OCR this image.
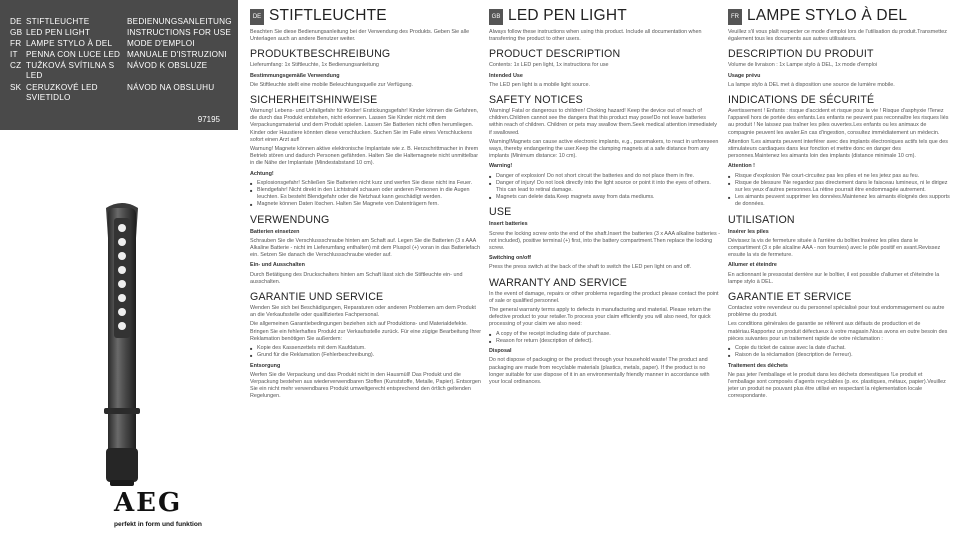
DE STIFTLEUCHTE
GB LED PEN LIGHT
FR LAMPE STYLO À DEL
IT PENNA CON LUCE LED
CZ TUŽKOVÁ SVÍTILNA S LED
SK CERUZKOVÉ LED SVIETIDLO
BEDIENUNGSANLEITUNG
INSTRUCTIONS FOR USE
MODE D'EMPLOI
MANUALE D'ISTRUZIONI
NÁVOD K OBSLUZE
NÁVOD NA OBSLUHU
97195
AEG
perfekt in form und funktion
DE STIFTLEUCHTE

Beachten Sie diese Bedienungsanleitung bei der Verwendung des Produkts. Geben Sie alle Unterlagen auch an andere Benutzer weiter.

PRODUKTBESCHREIBUNG

Lieferumfang: 1x Stiftleuchte, 1x Bedienungsanleitung

Bestimmungsgemäße Verwendung

Die Stiftleuchte stellt eine mobile Beleuchtungsquelle zur Verfügung.

SICHERHEITSHINWEISE

Warnung! Lebens- und Unfallgefahr für Kinder! Erstickungsgefahr! Kinder können die Gefahren, die durch das Produkt entstehen, nicht erkennen. Lassen Sie Kinder nicht mit dem Verpackungsmaterial und dem Produkt spielen. Lassen Sie Batterien nicht offen herumliegen. Kinder oder Haustiere könnten diese verschlucken. Suchen Sie im Falle eines Verschluckens sofort einen Arzt auf!

Warnung! Magnete können aktive elektronische Implantate wie z. B. Herzschrittmacher in ihrem Betrieb stören und dadurch Personen gefährden. Halten Sie die Haltemagnete nicht unmittelbar in die Nähe der Implantate (Mindestabstand 10 cm).

Achtung!

■ Explosionsgefahr! Schließen Sie Batterien nicht kurz und werfen Sie diese nicht ins Feuer.
■ Blendgefahr! Nicht direkt in den Lichtstrahl schauen oder anderen Personen in die Augen leuchten. Es besteht Blendgefahr oder die Netzhaut kann geschädigt werden.
■ Magnete können Daten löschen. Halten Sie Magnete von Datenträgern fern.
VERWENDUNG

Batterien einsetzen

Schrauben Sie die Verschlussschraube hinten am Schaft auf. Legen Sie die Batterien (3 x AAA Alkaline Batterie - nicht im Lieferumfang enthalten) mit dem Pluspol (+) voran in das Batteriefach ein. Setzen Sie danach die Verschlussschraube wieder auf.

Ein- und Ausschalten

Durch Betätigung des Druckschalters hinten am Schaft lässt sich die Stiftleuchte ein- und ausschalten.

GARANTIE UND SERVICE

Wenden Sie sich bei Beschädigungen, Reparaturen oder anderen Problemen am dem Produkt an die Verkaufsstelle oder qualifiziertes Fachpersonal.

Die allgemeinen Garantiebedingungen beziehen sich auf Produktions- und Materialdefekte. Bringen Sie ein fehlerhaftes Produkt zur Verkaufsstelle zurück. Für eine zügige Bearbeitung Ihrer Reklamation benötigen Sie außerdem:

■ Kopie des Kassenzettels mit dem Kaufdatum.
■ Grund für die Reklamation (Fehlerbeschreibung).

Entsorgung

Werfen Sie die Verpackung und das Produkt nicht in den Hausmüll! Das Produkt und die Verpackung bestehen aus wiederverwendbaren Stoffen (Kunststoffe, Metalle, Papier). Entsorgen Sie ein nicht mehr verwendbares Produkt umweltgerecht entsprechend den örtlich geltenden Regelungen.

GB LED PEN LIGHT

Always follow these instructions when using this product. Include all documentation when transferring the product to other users.

PRODUCT DESCRIPTION

Contents: 1x LED pen light, 1x instructions for use

Intended Use

The LED pen light is a mobile light source.

SAFETY NOTICES

Warning! Fatal or dangerous to children! Choking hazard! Keep the device out of reach of children.Children cannot see the dangers that this product may pose!Do not leave batteries within reach of children. Children or pets may swallow them.Seek medical attention immediately if swallowed.

Warning!Magnets can cause active electronic implants, e.g., pacemakers, to react in unforeseen ways, thereby endangering the user.Keep the clamping magnets at a safe distance from any implants (Minimum distance: 10 cm).

Warning!

■ Danger of explosion! Do not short circuit the batteries and do not place them in fire.
■ Danger of injury! Do not look directly into the light source or point it into the eyes of others. This can lead to retinal damage.
■ Magnets can delete data.Keep magnets away from data mediums.
USE

Insert batteries

Screw the locking screw onto the end of the shaft.Insert the batteries (3 x AAA alkaline batteries - not included), positive terminal (+) first, into the battery compartment.Then replace the locking screw.

Switching on/off

Press the press switch at the back of the shaft to switch the LED pen light on and off.

WARRANTY AND SERVICE

In the event of damage, repairs or other problems regarding the product please contact the point of sale or qualified personnel.

The general warranty terms apply to defects in manufacturing and material. Please return the defective product to your retailer.To process your claim efficiently you will also need, for quick processing of your claim we also need:

■ A copy of the receipt including date of purchase.
■ Reason for return (description of defect).

Disposal

Do not dispose of packaging or the product through your household waste! The product and packaging are made from recyclable materials (plastics, metals, paper). If the product is no longer suitable for use dispose of it in an environmentally friendly manner in accordance with your local ordinances.

FR LAMPE STYLO À DEL

Veuillez s'il vous plaît respecter ce mode d'emploi lors de l'utilisation du produit.Transmettez également tous les documents aux autres utilisateurs.

DESCRIPTION DU PRODUIT

Volume de livraison : 1x Lampe stylo à DEL, 1x mode d'emploi

Usage prévu

La lampe stylo à DEL met à disposition une source de lumière mobile.

INDICATIONS DE SÉCURITÉ

Avertissement ! Enfants : risque d'accident et risque pour la vie ! Risque d'asphyxie !Tenez l'appareil hors de portée des enfants.Les enfants ne peuvent pas reconnaître les risques liés au produit ! Ne laissez pas traîner les piles ouvertes.Les enfants ou les animaux de compagnie peuvent les avaler.En cas d'ingestion, consultez immédiatement un médecin.

Attention !Les aimants peuvent interférer avec des implants électroniques actifs tels que des stimulateurs cardiaques dans leur fonction et mettre donc en danger des personnes.Maintenez les aimants loin des implants (distance minimale 10 cm).

Attention !

■ Risque d'explosion !Ne court-circuitez pas les piles et ne les jetez pas au feu.
■ Risque de blessure !Ne regardez pas directement dans le faisceau lumineux, ni le dirigez sur les yeux d'autres personnes.La rétine pourrait être endommagée autrement.
■ Les aimants peuvent supprimer les données.Maintenez les aimants éloignés des supports de données.
UTILISATION

Insérer les piles

Dévissez la vis de fermeture située à l'arrière du boîtier.Insérez les piles dans le compartiment (3 x pile alcaline AAA - non fournies) avec le pôle positif en avant.Revissez ensuite la vis de fermeture.

Allumer et éteindre

En actionnant le pressostat derrière sur le boîtier, il est possible d'allumer et d'éteindre la lampe stylo à DEL.

GARANTIE ET SERVICE

Contactez votre revendeur ou du personnel spécialisé pour tout endommagement ou autre problème du produit.

Les conditions générales de garantie se réfèrent aux défauts de production et de matériau.Rapportez un produit défectueux à votre magasin.Nous avons en outre besoin des pièces suivantes pour un traitement rapide de votre réclamation :

■ Copie du ticket de caisse avec la date d'achat.
■ Raison de la réclamation (description de l'erreur).

Traitement des déchets

Ne pas jeter l'emballage et le produit dans les déchets domestiques !Le produit et l'emballage sont composés d'agents recyclables (p. ex. plastiques, métaux, papier).Veuillez jeter un produit ne pouvant plus être utilisé en respectant la réglementation locale correspondante.
